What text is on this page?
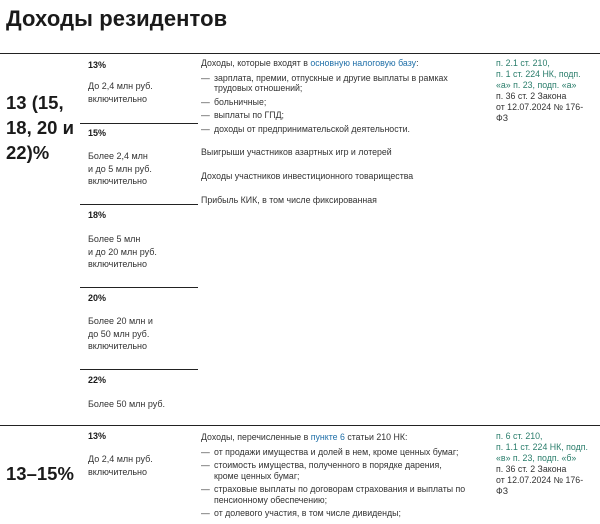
Доходы резидентов
13 (15,
18, 20 и
22)%
13%
До 2,4 млн руб.
включительно
15%
Более 2,4 млн
и до 5 млн руб.
включительно
18%
Более 5 млн
и до 20 млн руб.
включительно
20%
Более 20 млн и
до 50 млн руб.
включительно
22%
Более 50 млн руб.

Доходы, которые входят в основную налоговую базу:

— зарплата, премии, отпускные и другие выплаты в рамках трудовых отношений;
— больничные;
— выплаты по ГПД;
— доходы от предпринимательской деятельности.
Выигрыши участников азартных игр и лотерей
Доходы участников инвестиционного товарищества
Прибыль КИК, в том числе фиксированная
п. 2.1 ст. 210,
п. 1 ст. 224 НК, подп.
«а» п. 23, подп. «а»
п. 36 ст. 2 Закона
от 12.07.2024 № 176-
ФЗ
13–15%
13%
До 2,4 млн руб.
включительно

Доходы, перечисленные в пункте 6 статьи 210 НК:

— от продажи имущества и долей в нем, кроме ценных бумаг;
— стоимость имущества, полученного в порядке дарения, кроме ценных бумаг;
— страховые выплаты по договорам страхования и выплаты по пенсионному обеспечению;
— от долевого участия, в том числе дивиденды;
п. 6 ст. 210,
п. 1.1 ст. 224 НК, подп.
«в» п. 23, подп. «б»
п. 36 ст. 2 Закона
от 12.07.2024 № 176-
ФЗ
